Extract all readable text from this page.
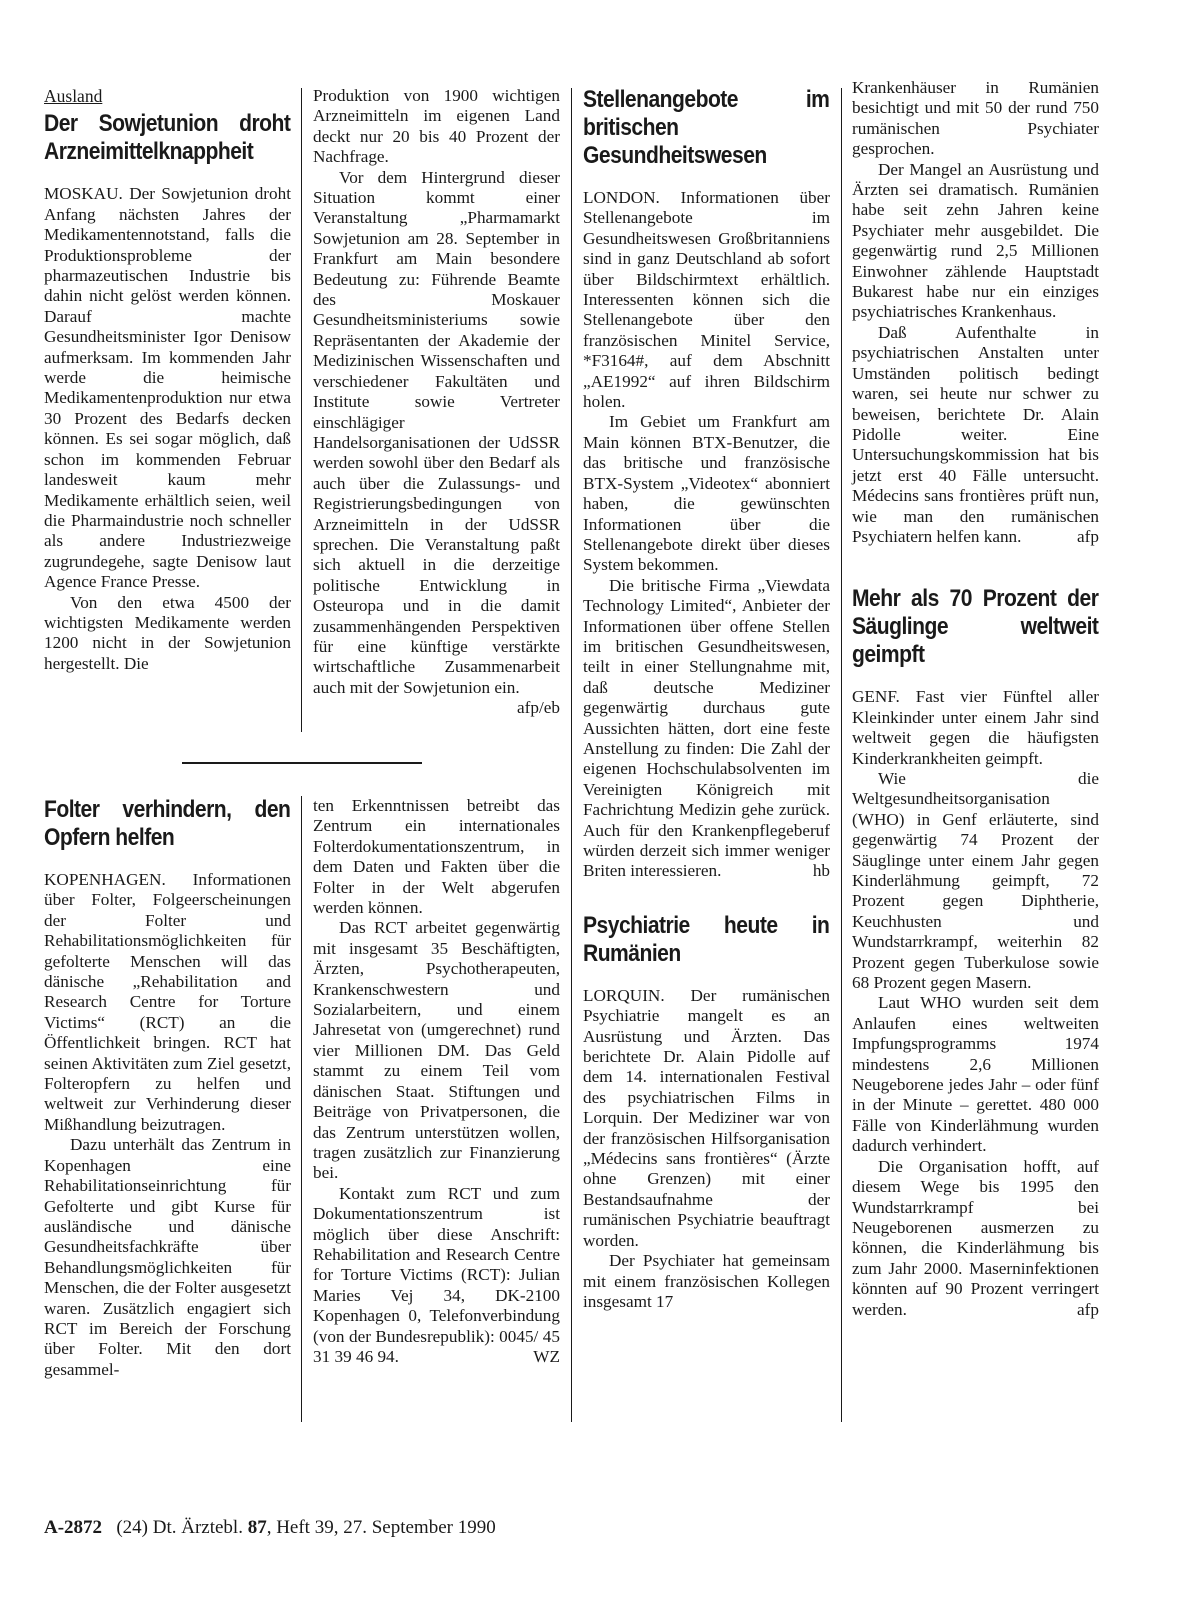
Ausland
Der Sowjetunion droht Arzneimittelknappheit

MOSKAU. Der Sowjetunion droht Anfang nächsten Jahres der Medikamentennotstand, falls die Produktionsprobleme der pharmazeutischen Industrie bis dahin nicht gelöst werden können. Darauf machte Gesundheitsminister Igor Denisow aufmerksam. Im kommenden Jahr werde die heimische Medikamentenproduktion nur etwa 30 Prozent des Bedarfs decken können. Es sei sogar möglich, daß schon im kommenden Februar landesweit kaum mehr Medikamente erhältlich seien, weil die Pharmaindustrie noch schneller als andere Industriezweige zugrundegehe, sagte Denisow laut Agence France Presse.

Von den etwa 4500 der wichtigsten Medikamente werden 1200 nicht in der Sowjetunion hergestellt. Die

Produktion von 1900 wichtigen Arzneimitteln im eigenen Land deckt nur 20 bis 40 Prozent der Nachfrage.

Vor dem Hintergrund dieser Situation kommt einer Veranstaltung „Pharmamarkt Sowjetunion am 28. September in Frankfurt am Main besondere Bedeutung zu: Führende Beamte des Moskauer Gesundheitsministeriums sowie Repräsentanten der Akademie der Medizinischen Wissenschaften und verschiedener Fakultäten und Institute sowie Vertreter einschlägiger Handelsorganisationen der UdSSR werden sowohl über den Bedarf als auch über die Zulassungs- und Registrierungsbedingungen von Arzneimitteln in der UdSSR sprechen. Die Veranstaltung paßt sich aktuell in die derzeitige politische Entwicklung in Osteuropa und in die damit zusammenhängenden Perspektiven für eine künftige verstärkte wirtschaftliche Zusammenarbeit auch mit der Sowjetunion ein.
afp/eb

Folter verhindern, den Opfern helfen

KOPENHAGEN. Informationen über Folter, Folgeerscheinungen der Folter und Rehabilitationsmöglichkeiten für gefolterte Menschen will das dänische „Rehabilitation and Research Centre for Torture Victims“ (RCT) an die Öffentlichkeit bringen. RCT hat seinen Aktivitäten zum Ziel gesetzt, Folteropfern zu helfen und weltweit zur Verhinderung dieser Mißhandlung beizutragen.

Dazu unterhält das Zentrum in Kopenhagen eine Rehabilitationseinrichtung für Gefolterte und gibt Kurse für ausländische und dänische Gesundheitsfachkräfte über Behandlungsmöglichkeiten für Menschen, die der Folter ausgesetzt waren. Zusätzlich engagiert sich RCT im Bereich der Forschung über Folter. Mit den dort gesammel-

ten Erkenntnissen betreibt das Zentrum ein internationales Folterdokumentationszentrum, in dem Daten und Fakten über die Folter in der Welt abgerufen werden können.

Das RCT arbeitet gegenwärtig mit insgesamt 35 Beschäftigten, Ärzten, Psychotherapeuten, Krankenschwestern und Sozialarbeitern, und einem Jahresetat von (umgerechnet) rund vier Millionen DM. Das Geld stammt zu einem Teil vom dänischen Staat. Stiftungen und Beiträge von Privatpersonen, die das Zentrum unterstützen wollen, tragen zusätzlich zur Finanzierung bei.

Kontakt zum RCT und zum Dokumentationszentrum ist möglich über diese Anschrift: Rehabilitation and Research Centre for Torture Victims (RCT): Julian Maries Vej 34, DK-2100 Kopenhagen 0, Telefonverbindung (von der Bundesrepublik): 0045/ 45 31 39 46 94.	WZ

Stellenangebote im britischen Gesundheitswesen

LONDON. Informationen über Stellenangebote im Gesundheitswesen Großbritanniens sind in ganz Deutschland ab sofort über Bildschirmtext erhältlich. Interessenten können sich die Stellenangebote über den französischen Minitel Service, *F3164#, auf dem Abschnitt „AE1992“ auf ihren Bildschirm holen.

Im Gebiet um Frankfurt am Main können BTX-Benutzer, die das britische und französische BTX-System „Videotex“ abonniert haben, die gewünschten Informationen über die Stellenangebote direkt über dieses System bekommen.

Die britische Firma „Viewdata Technology Limited“, Anbieter der Informationen über offene Stellen im britischen Gesundheitswesen, teilt in einer Stellungnahme mit, daß deutsche Mediziner gegenwärtig durchaus gute Aussichten hätten, dort eine feste Anstellung zu finden: Die Zahl der eigenen Hochschulabsolventen im Vereinigten Königreich mit Fachrichtung Medizin gehe zurück. Auch für den Krankenpflegeberuf würden derzeit sich immer weniger Briten interessieren.	hb

Psychiatrie heute in Rumänien

LORQUIN. Der rumänischen Psychiatrie mangelt es an Ausrüstung und Ärzten. Das berichtete Dr. Alain Pidolle auf dem 14. internationalen Festival des psychiatrischen Films in Lorquin. Der Mediziner war von der französischen Hilfsorganisation „Médecins sans frontières“ (Ärzte ohne Grenzen) mit einer Bestandsaufnahme der rumänischen Psychiatrie beauftragt worden.

Der Psychiater hat gemeinsam mit einem französischen Kollegen insgesamt 17

Krankenhäuser in Rumänien besichtigt und mit 50 der rund 750 rumänischen Psychiater gesprochen.

Der Mangel an Ausrüstung und Ärzten sei dramatisch. Rumänien habe seit zehn Jahren keine Psychiater mehr ausgebildet. Die gegenwärtig rund 2,5 Millionen Einwohner zählende Hauptstadt Bukarest habe nur ein einziges psychiatrisches Krankenhaus.

Daß Aufenthalte in psychiatrischen Anstalten unter Umständen politisch bedingt waren, sei heute nur schwer zu beweisen, berichtete Dr. Alain Pidolle weiter. Eine Untersuchungskommission hat bis jetzt erst 40 Fälle untersucht. Médecins sans frontières prüft nun, wie man den rumänischen Psychiatern helfen kann.	afp

Mehr als 70 Prozent der Säuglinge weltweit geimpft

GENF. Fast vier Fünftel aller Kleinkinder unter einem Jahr sind weltweit gegen die häufigsten Kinderkrankheiten geimpft.

Wie die Weltgesundheitsorganisation (WHO) in Genf erläuterte, sind gegenwärtig 74 Prozent der Säuglinge unter einem Jahr gegen Kinderlähmung geimpft, 72 Prozent gegen Diphtherie, Keuchhusten und Wundstarrkrampf, weiterhin 82 Prozent gegen Tuberkulose sowie 68 Prozent gegen Masern.

Laut WHO wurden seit dem Anlaufen eines weltweiten Impfungsprogramms 1974 mindestens 2,6 Millionen Neugeborene jedes Jahr – oder fünf in der Minute – gerettet. 480 000 Fälle von Kinderlähmung wurden dadurch verhindert.

Die Organisation hofft, auf diesem Wege bis 1995 den Wundstarrkrampf bei Neugeborenen ausmerzen zu können, die Kinderlähmung bis zum Jahr 2000. Maserninfektionen könnten auf 90 Prozent verringert werden.	afp

A-2872 (24) Dt. Ärztebl. 87, Heft 39, 27. September 1990
